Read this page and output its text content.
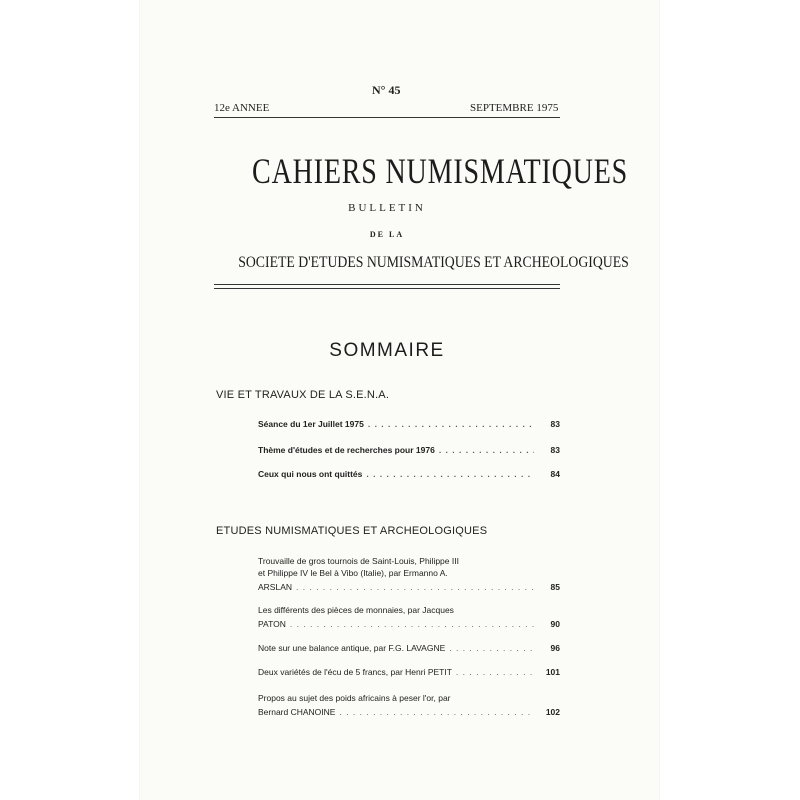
N° 45
12e ANNEE	SEPTEMBRE 1975
CAHIERS NUMISMATIQUES
BULLETIN
DE LA
SOCIETE D'ETUDES NUMISMATIQUES ET ARCHEOLOGIQUES
SOMMAIRE
VIE ET TRAVAUX DE LA S.E.N.A.
Séance du 1er Juillet 1975 . . .	83
Thème d'études et de recherches pour 1976 . . .	83
Ceux qui nous ont quittés . . .	84
ETUDES NUMISMATIQUES ET ARCHEOLOGIQUES
Trouvaille de gros tournois de Saint-Louis, Philippe III
et Philippe IV le Bel à Vibo (Italie), par Ermanno A.
ARSLAN . . .	85
Les différents des pièces de monnaies, par Jacques
PATON . . .	90
Note sur une balance antique, par F.G. LAVAGNE . . .	96
Deux variétés de l'écu de 5 francs, par Henri PETIT . . .	101
Propos au sujet des poids africains à peser l'or, par
Bernard CHANOINE . . .	102
